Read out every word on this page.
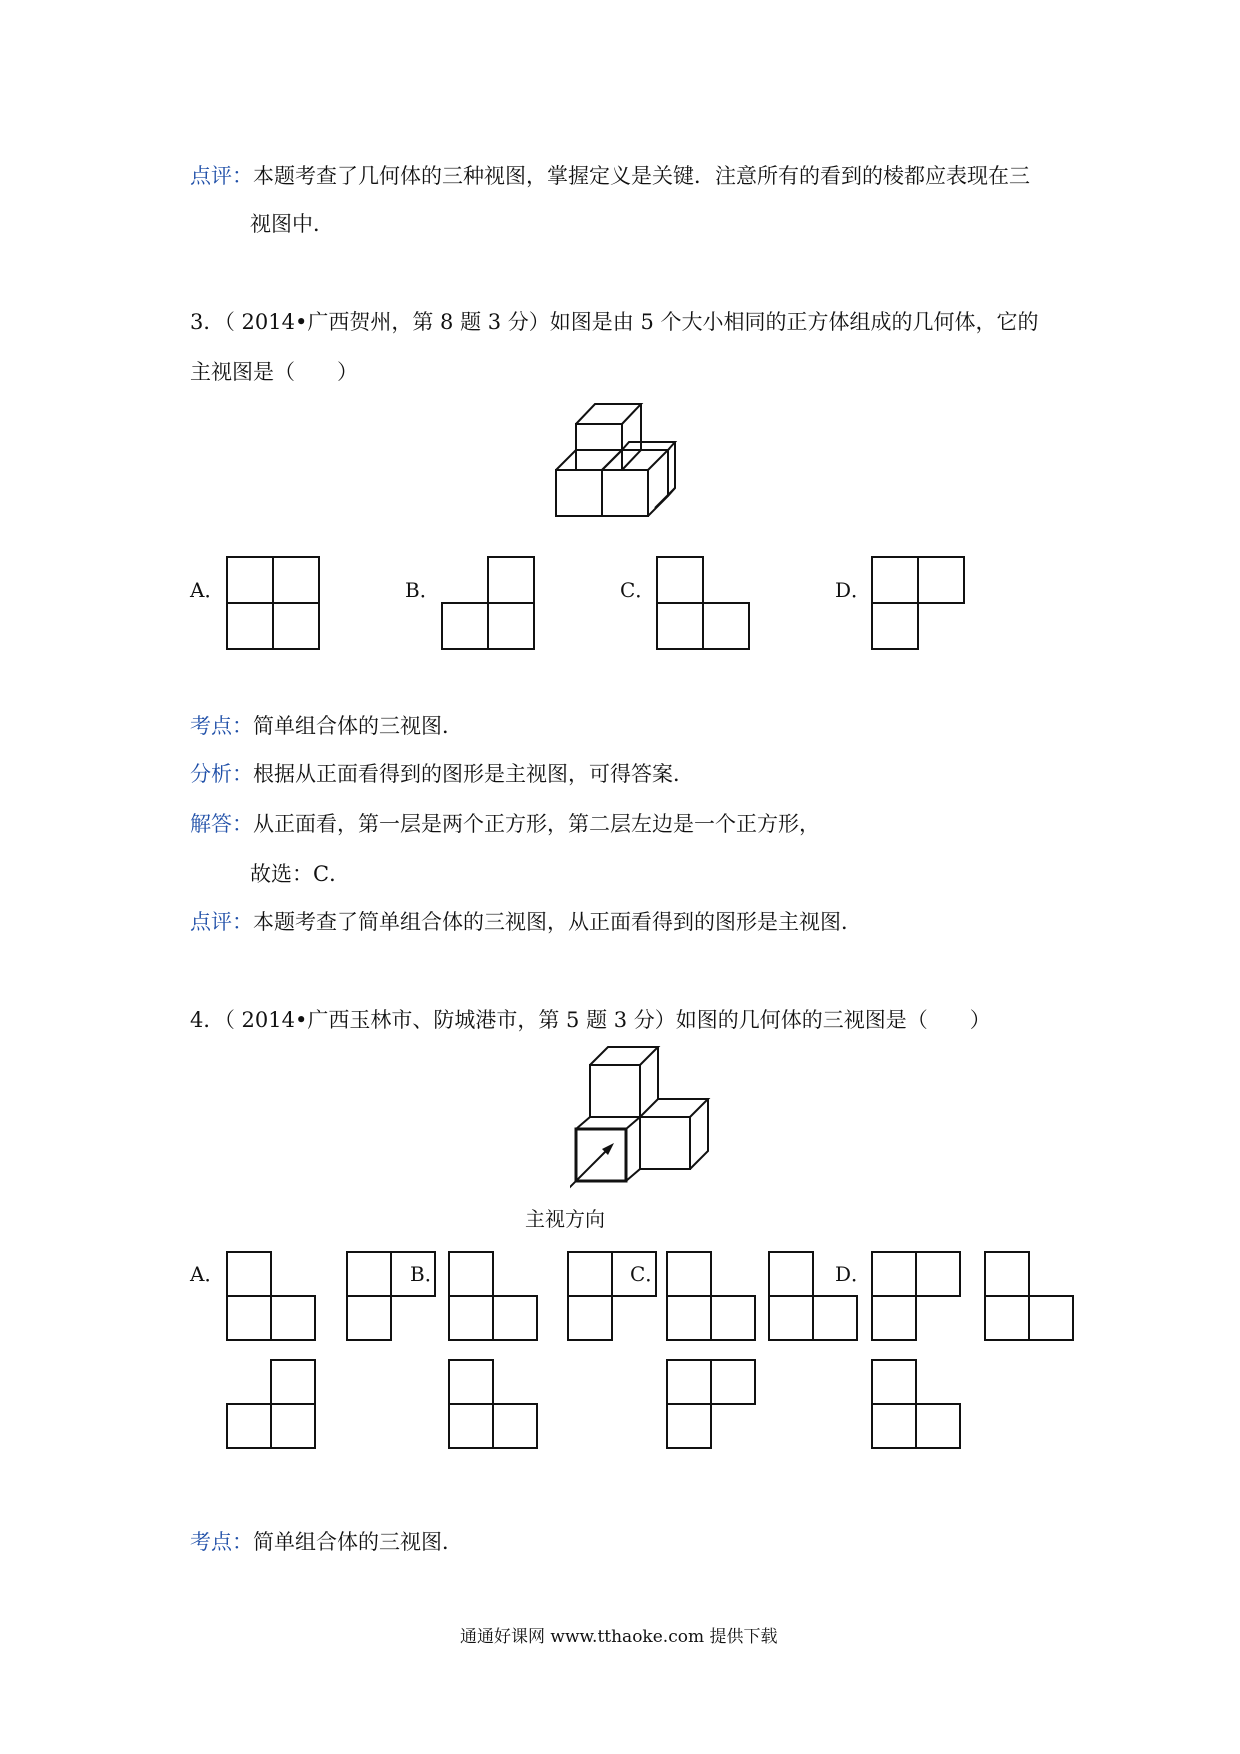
点评：本题考查了几何体的三种视图，掌握定义是关键．注意所有的看到的棱都应表现在三
视图中．
3．（ 2014•广西贺州，第 8 题 3 分）如图是由 5 个大小相同的正方体组成的几何体，它的
主视图是（　　）
A．	B．	C．	D．
考点：简单组合体的三视图．
分析：根据从正面看得到的图形是主视图，可得答案．
解答：从正面看，第一层是两个正方形，第二层左边是一个正方形，
故选：C．
点评：本题考查了简单组合体的三视图，从正面看得到的图形是主视图．
4．（ 2014•广西玉林市、防城港市，第 5 题 3 分）如图的几何体的三视图是（　　）
主视方向
A．	B．	C．	D．
考点：简单组合体的三视图．
通通好课网 www.tthaoke.com 提供下载
